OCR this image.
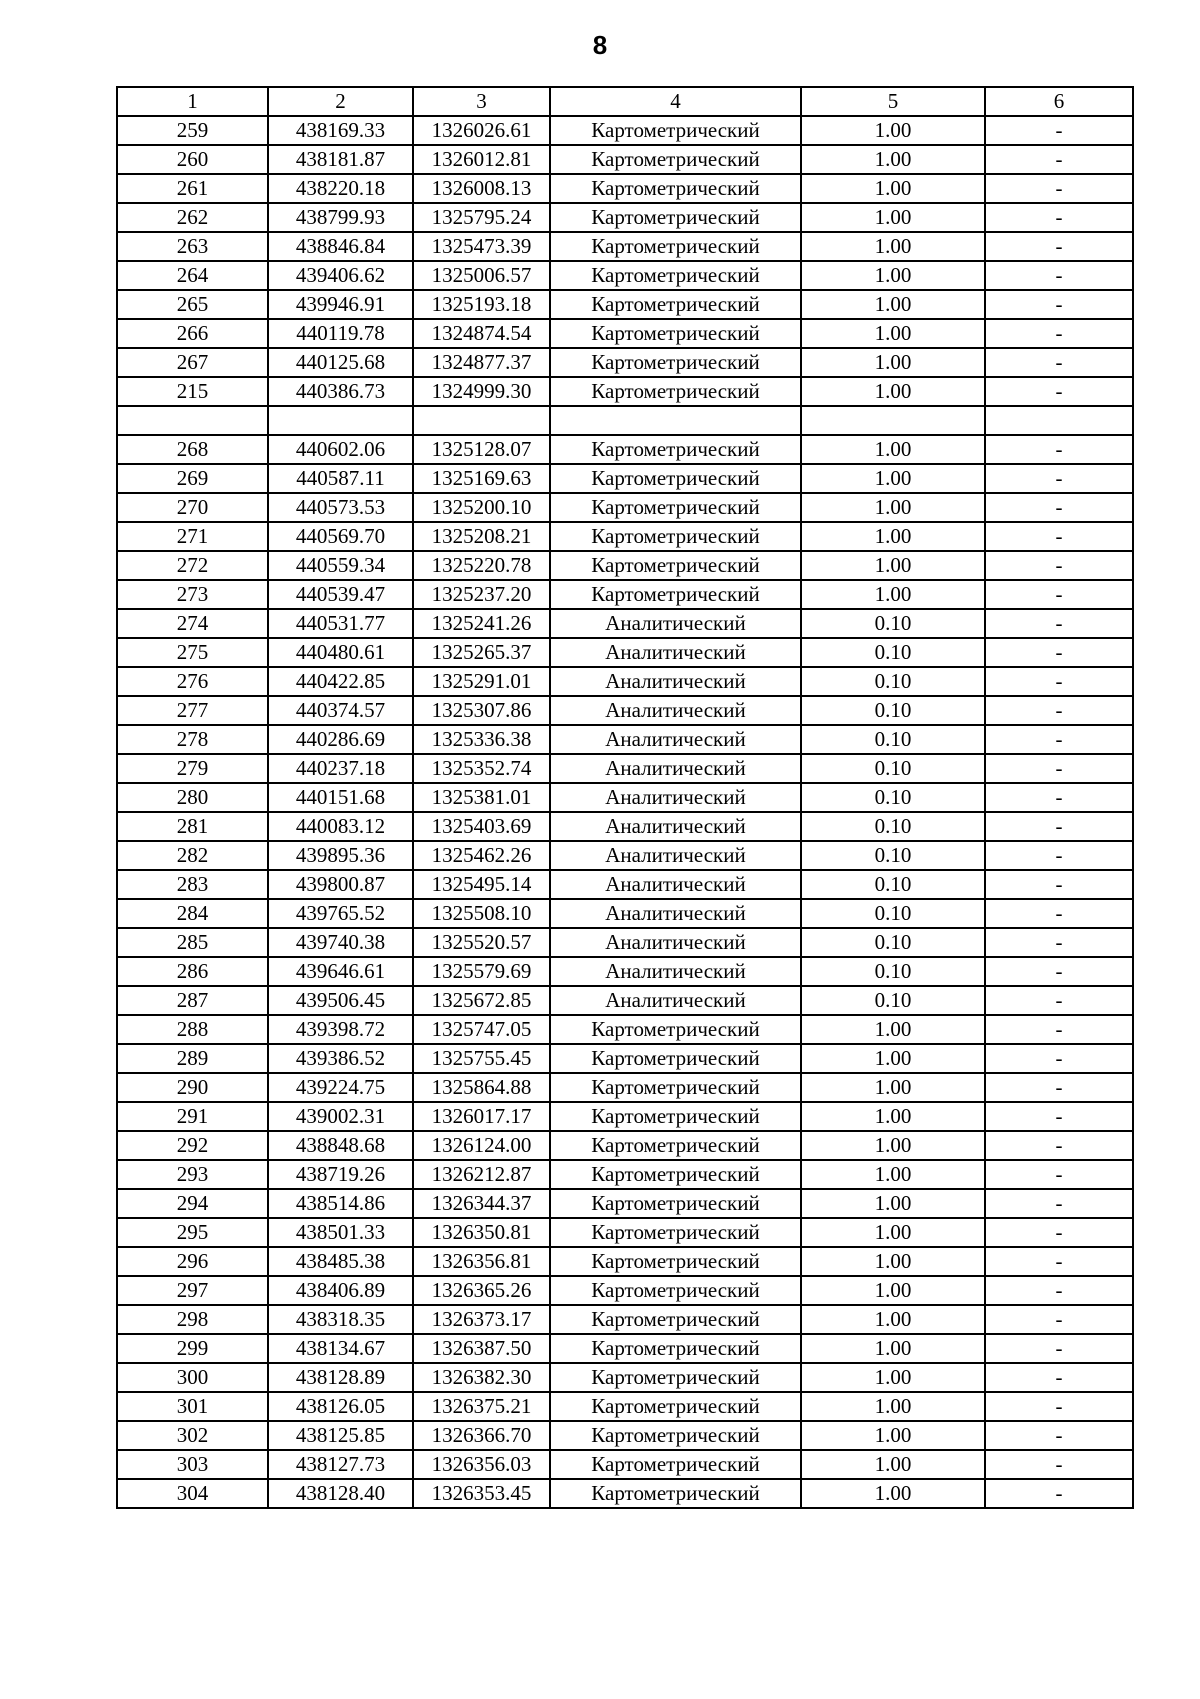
8
1	2	3	4	5	6
259	438169.33	1326026.61	Картометрический	1.00	-
260	438181.87	1326012.81	Картометрический	1.00	-
261	438220.18	1326008.13	Картометрический	1.00	-
262	438799.93	1325795.24	Картометрический	1.00	-
263	438846.84	1325473.39	Картометрический	1.00	-
264	439406.62	1325006.57	Картометрический	1.00	-
265	439946.91	1325193.18	Картометрический	1.00	-
266	440119.78	1324874.54	Картометрический	1.00	-
267	440125.68	1324877.37	Картометрический	1.00	-
215	440386.73	1324999.30	Картометрический	1.00	-

268	440602.06	1325128.07	Картометрический	1.00	-
269	440587.11	1325169.63	Картометрический	1.00	-
270	440573.53	1325200.10	Картометрический	1.00	-
271	440569.70	1325208.21	Картометрический	1.00	-
272	440559.34	1325220.78	Картометрический	1.00	-
273	440539.47	1325237.20	Картометрический	1.00	-
274	440531.77	1325241.26	Аналитический	0.10	-
275	440480.61	1325265.37	Аналитический	0.10	-
276	440422.85	1325291.01	Аналитический	0.10	-
277	440374.57	1325307.86	Аналитический	0.10	-
278	440286.69	1325336.38	Аналитический	0.10	-
279	440237.18	1325352.74	Аналитический	0.10	-
280	440151.68	1325381.01	Аналитический	0.10	-
281	440083.12	1325403.69	Аналитический	0.10	-
282	439895.36	1325462.26	Аналитический	0.10	-
283	439800.87	1325495.14	Аналитический	0.10	-
284	439765.52	1325508.10	Аналитический	0.10	-
285	439740.38	1325520.57	Аналитический	0.10	-
286	439646.61	1325579.69	Аналитический	0.10	-
287	439506.45	1325672.85	Аналитический	0.10	-
288	439398.72	1325747.05	Картометрический	1.00	-
289	439386.52	1325755.45	Картометрический	1.00	-
290	439224.75	1325864.88	Картометрический	1.00	-
291	439002.31	1326017.17	Картометрический	1.00	-
292	438848.68	1326124.00	Картометрический	1.00	-
293	438719.26	1326212.87	Картометрический	1.00	-
294	438514.86	1326344.37	Картометрический	1.00	-
295	438501.33	1326350.81	Картометрический	1.00	-
296	438485.38	1326356.81	Картометрический	1.00	-
297	438406.89	1326365.26	Картометрический	1.00	-
298	438318.35	1326373.17	Картометрический	1.00	-
299	438134.67	1326387.50	Картометрический	1.00	-
300	438128.89	1326382.30	Картометрический	1.00	-
301	438126.05	1326375.21	Картометрический	1.00	-
302	438125.85	1326366.70	Картометрический	1.00	-
303	438127.73	1326356.03	Картометрический	1.00	-
304	438128.40	1326353.45	Картометрический	1.00	-
